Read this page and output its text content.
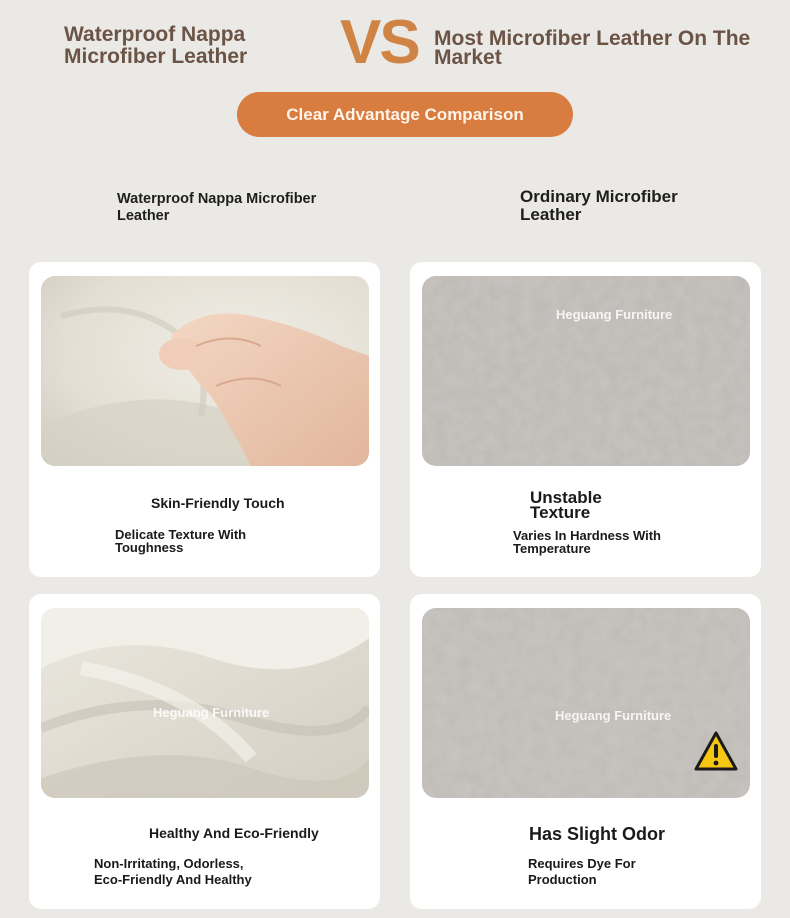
Waterproof Nappa Microfiber Leather	VS Most Microfiber Leather On The Market
Clear Advantage Comparison
Waterproof Nappa Microfiber Leather
Ordinary Microfiber Leather
Skin-Friendly Touch
Delicate Texture With Toughness
Heguang Furniture
Unstable Texture
Varies In Hardness With Temperature
Heguang Furniture
Healthy And Eco-Friendly
Non-Irritating, Odorless, Eco-Friendly And Healthy
Heguang Furniture
Has Slight Odor
Requires Dye For Production
